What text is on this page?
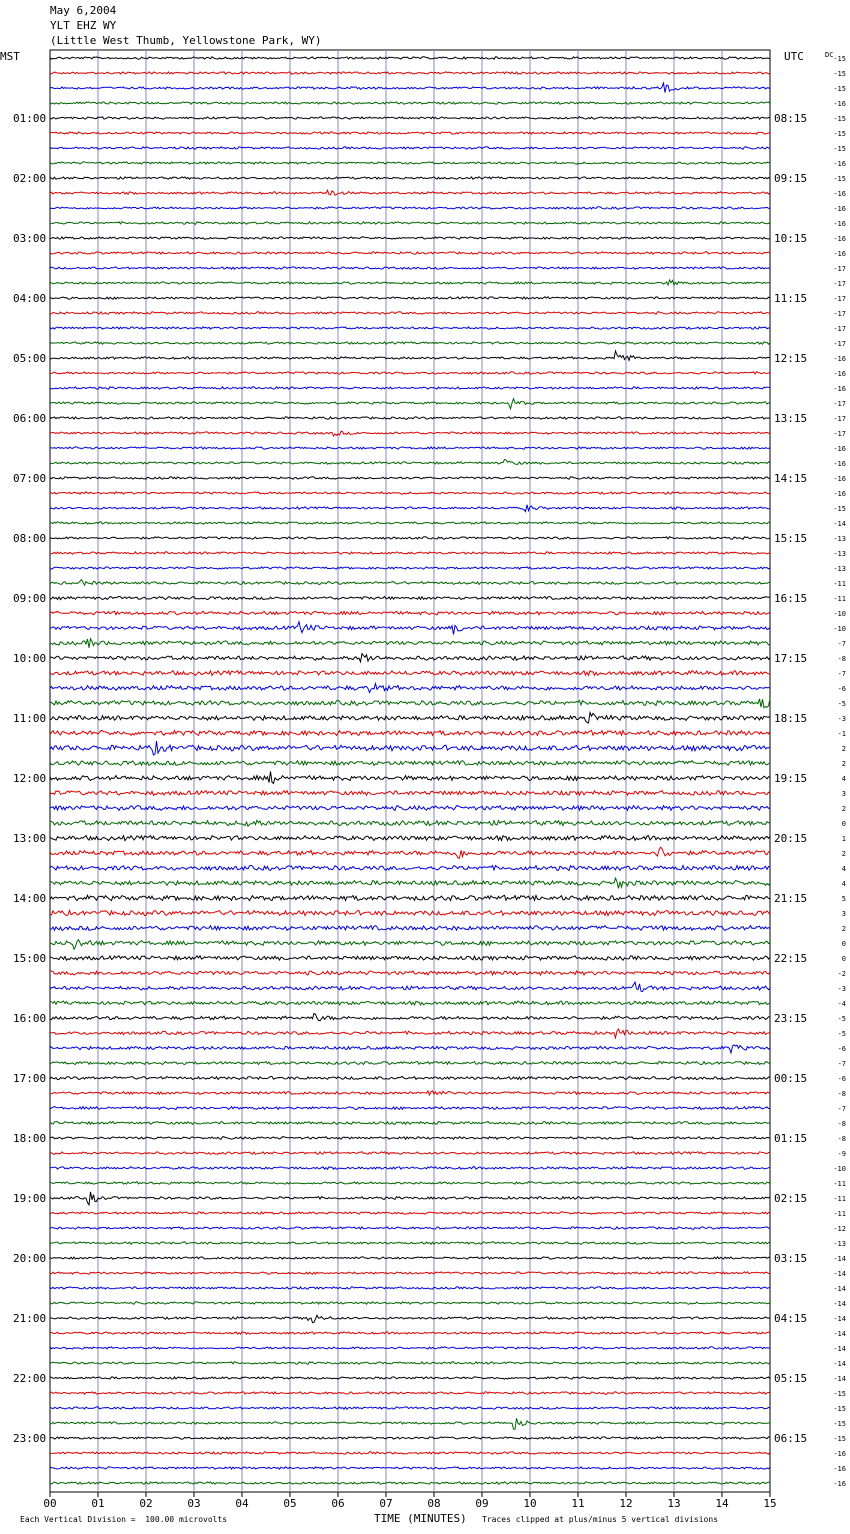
May 6,2004
YLT EHZ WY
(Little West Thumb, Yellowstone Park, WY)
00	01	02	03	04	05	06	07	08	09	10	11	12	13	14	15
MST	UTC	DC
01:00	08:15
02:00	09:15
03:00	10:15
04:00	11:15
05:00	12:15
06:00	13:15
07:00	14:15
08:00	15:15
09:00	16:15
10:00	17:15
11:00	18:15
12:00	19:15
13:00	20:15
14:00	21:15
15:00	22:15
16:00	23:15
17:00	00:15
18:00	01:15
19:00	02:15
20:00	03:15
21:00	04:15
22:00	05:15
23:00	06:15
-15
-15
-15
-16
-15
-15
-15
-16
-15
-16
-16
-16
-16
-16
-17
-17
-17
-17
-17
-17
-16
-16
-16
-17
-17
-17
-16
-16
-16
-16
-15
-14
-13
-13
-13
-11
-11
-10
-10
-7
-8
-7
-6
-5
-3
-1
2
2
4
3
2
0
1
2
4
4
5
3
2
0
0
-2
-3
-4
-5
-5
-6
-7
-6
-8
-7
-8
-8
-9
-10
-11
-11
-11
-12
-13
-14
-14
-14
-14
-14
-14
-14
-14
-14
-15
-15
-15
-15
-16
-16
-16
Each Vertical Division =  100.00 microvolts	TIME (MINUTES) Traces clipped at plus/minus 5 vertical divisions
